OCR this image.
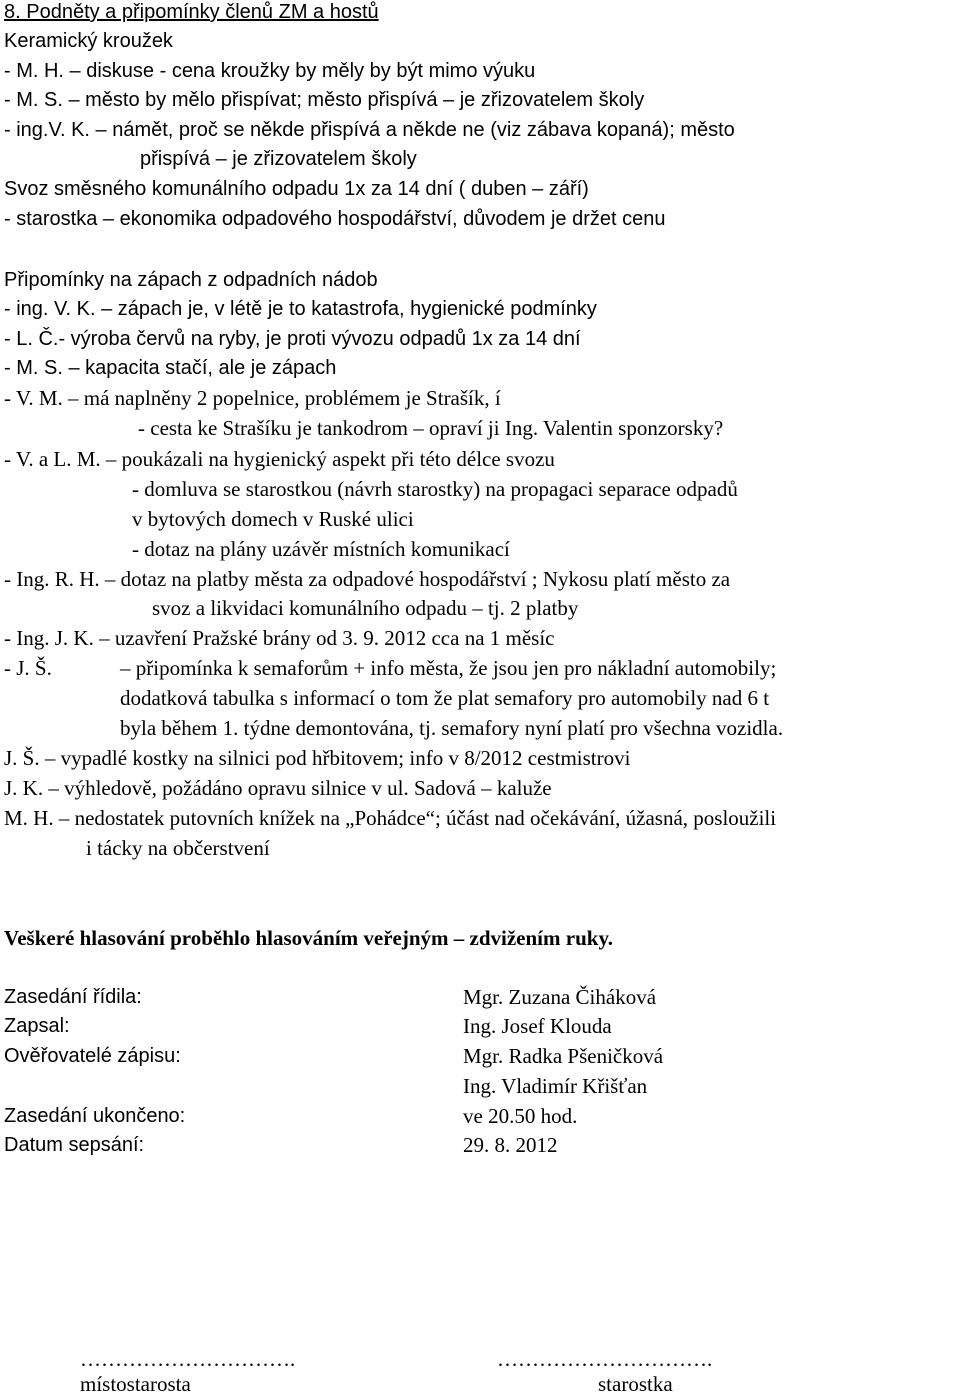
8. Podněty a připomínky členů ZM a hostů
Keramický kroužek
- M. H. – diskuse - cena kroužky by měly by být mimo výuku
- M. S. – město by mělo přispívat; město přispívá – je zřizovatelem školy
- ing.V. K. – námět, proč se někde přispívá a někde ne (viz zábava kopaná); město
přispívá – je zřizovatelem školy
Svoz směsného komunálního odpadu 1x za 14 dní ( duben – září)
- starostka – ekonomika odpadového hospodářství, důvodem je držet cenu
Připomínky na zápach z odpadních nádob
- ing. V. K. – zápach je, v létě je to katastrofa, hygienické podmínky
- L. Č.- výroba červů na ryby, je proti vývozu odpadů 1x za 14 dní
- M. S. – kapacita stačí, ale je zápach
- V. M. – má naplněny 2 popelnice, problémem je Strašík, í
- cesta ke Strašíku je tankodrom – opraví ji Ing. Valentin sponzorsky?
- V. a L. M. – poukázali na hygienický aspekt při této délce svozu
- domluva se starostkou (návrh starostky) na propagaci separace odpadů
v bytových domech v Ruské ulici
- dotaz na plány uzávěr místních komunikací
- Ing. R. H. – dotaz na platby města za odpadové hospodářství ; Nykosu platí město za
svoz a likvidaci komunálního odpadu – tj. 2 platby
- Ing. J. K. – uzavření Pražské brány od 3. 9. 2012 cca na 1 měsíc
- J. Š.	– připomínka k semaforům + info města, že jsou jen pro nákladní automobily;
dodatková tabulka s informací o tom že plat semafory pro automobily nad 6 t
byla během 1. týdne demontována, tj. semafory nyní platí pro všechna vozidla.
J. Š. – vypadlé kostky na silnici pod hřbitovem; info v 8/2012 cestmistrovi
J. K. – výhledově, požádáno opravu silnice v ul. Sadová – kaluže
M. H. – nedostatek putovních knížek na „Pohádce“; účást nad očekávání, úžasná, posloužili
i tácky na občerstvení
Veškeré hlasování proběhlo hlasováním veřejným – zdvižením ruky.
Zasedání řídila:	Mgr. Zuzana Čiháková
Zapsal:	Ing. Josef Klouda
Ověřovatelé zápisu:	Mgr. Radka Pšeničková
Ing. Vladimír Křišťan
Zasedání ukončeno:	ve 20.50 hod.
Datum sepsání:	29. 8. 2012
………………………….	………………………….
místostarosta	starostka
